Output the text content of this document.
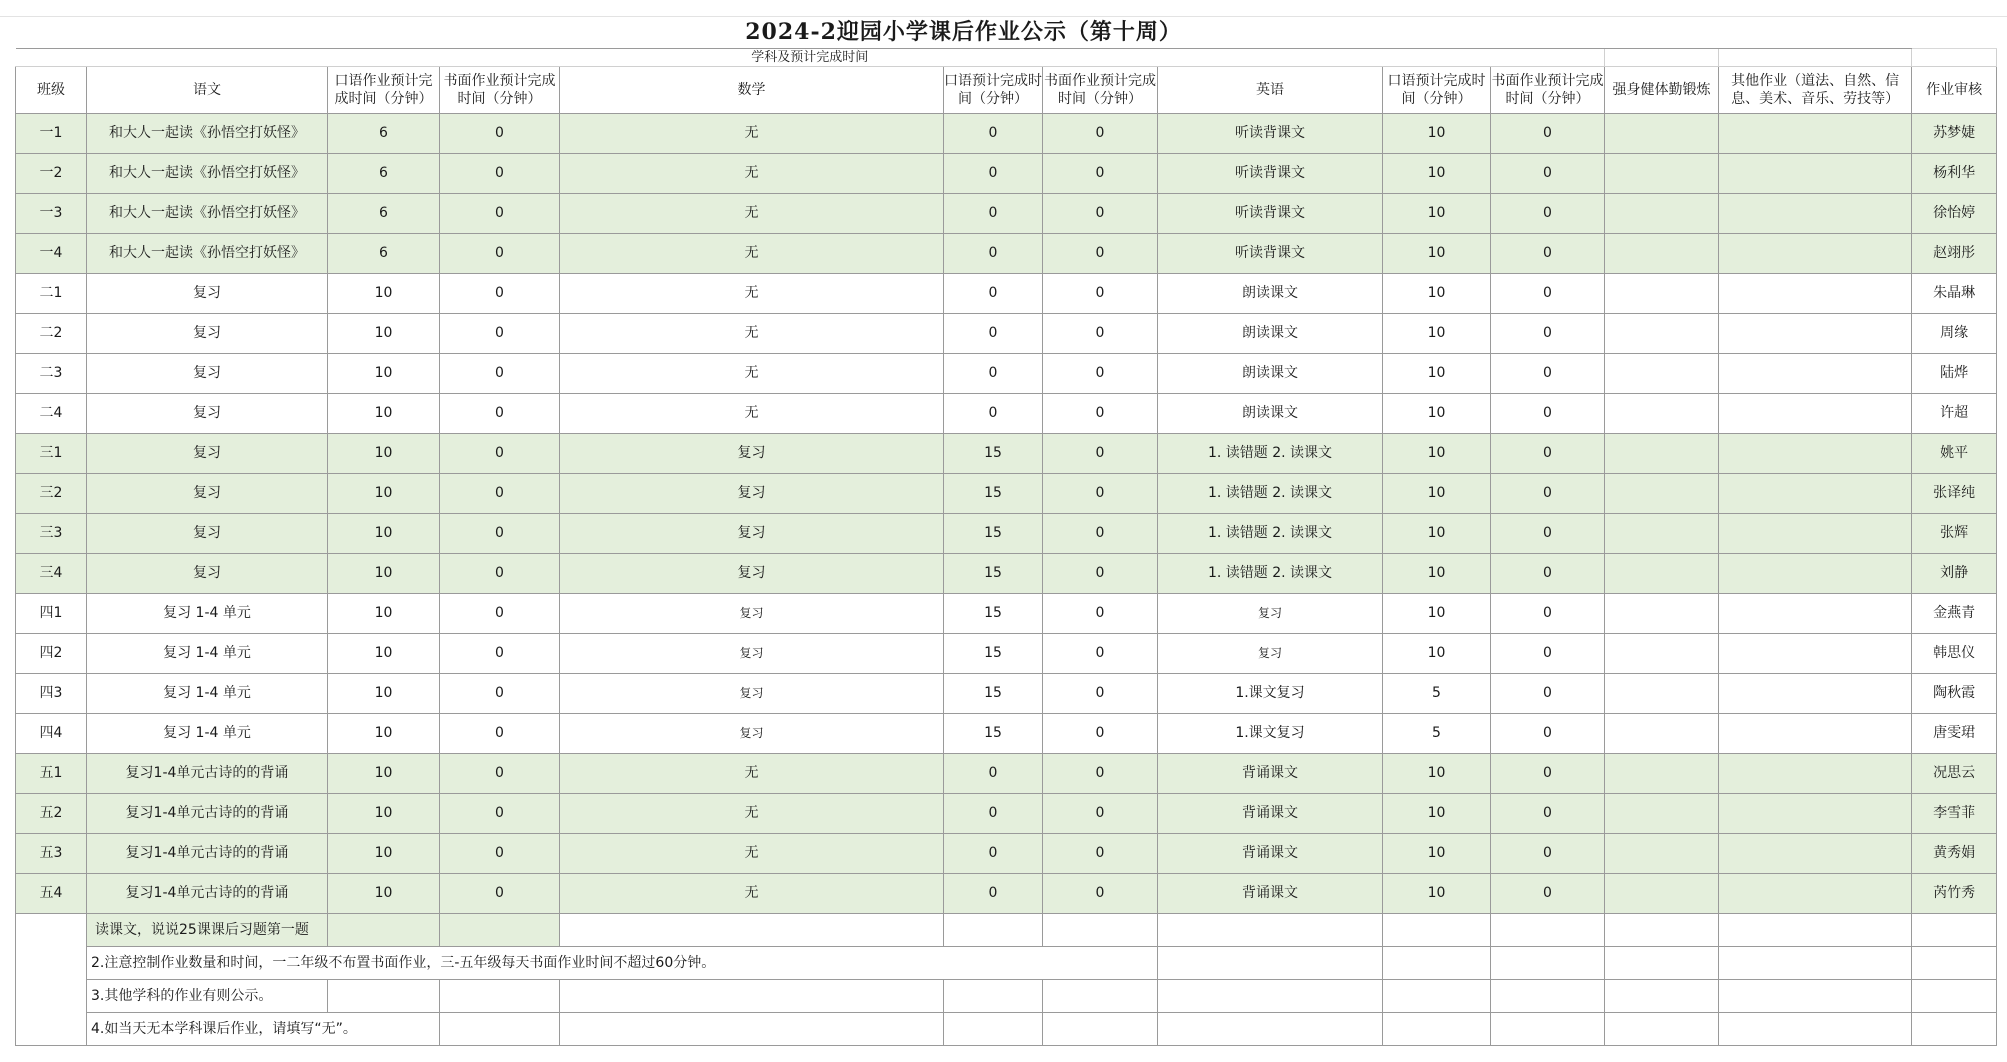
2024-2迎园小学课后作业公示（第十周）												
学科及预计完成时间												
班级	语文	口语作业预计完成时间（分钟）	书面作业预计完成时间（分钟）	数学	口语预计完成时间（分钟）	书面作业预计完成时间（分钟）	英语	口语预计完成时间（分钟）	书面作业预计完成时间（分钟）	强身健体勤锻炼	其他作业（道法、自然、信息、美术、音乐、劳技等）	作业审核
一1	和大人一起读《孙悟空打妖怪》	6	0	无	0	0	听读背课文	10	0			苏梦婕
一2	和大人一起读《孙悟空打妖怪》	6	0	无	0	0	听读背课文	10	0			杨利华
一3	和大人一起读《孙悟空打妖怪》	6	0	无	0	0	听读背课文	10	0			徐怡婷
一4	和大人一起读《孙悟空打妖怪》	6	0	无	0	0	听读背课文	10	0			赵翊彤
二1	复习	10	0	无	0	0	朗读课文	10	0			朱晶琳
二2	复习	10	0	无	0	0	朗读课文	10	0			周缘
二3	复习	10	0	无	0	0	朗读课文	10	0			陆烨
二4	复习	10	0	无	0	0	朗读课文	10	0			许超
三1	复习	10	0	复习	15	0	1. 读错题 2. 读课文	10	0			姚平
三2	复习	10	0	复习	15	0	1. 读错题 2. 读课文	10	0			张译纯
三3	复习	10	0	复习	15	0	1. 读错题 2. 读课文	10	0			张辉
三4	复习	10	0	复习	15	0	1. 读错题 2. 读课文	10	0			刘静
四1	复习 1-4 单元	10	0	复习	15	0	复习	10	0			金燕青
四2	复习 1-4 单元	10	0	复习	15	0	复习	10	0			韩思仪
四3	复习 1-4 单元	10	0	复习	15	0	1.课文复习	5	0			陶秋霞
四4	复习 1-4 单元	10	0	复习	15	0	1.课文复习	5	0			唐雯珺
五1	复习1-4单元古诗的的背诵	10	0	无	0	0	背诵课文	10	0			况思云
五2	复习1-4单元古诗的的背诵	10	0	无	0	0	背诵课文	10	0			李雪菲
五3	复习1-4单元古诗的的背诵	10	0	无	0	0	背诵课文	10	0			黄秀娟
五4	复习1-4单元古诗的的背诵	10	0	无	0	0	背诵课文	10	0			芮竹秀
	读课文，说说25课课后习题第一题											
	2.注意控制作业数量和时间，一二年级不布置书面作业，三-五年级每天书面作业时间不超过60分钟。											
	3.其他学科的作业有则公示。											
	4.如当天无本学科课后作业，请填写“无”。											
